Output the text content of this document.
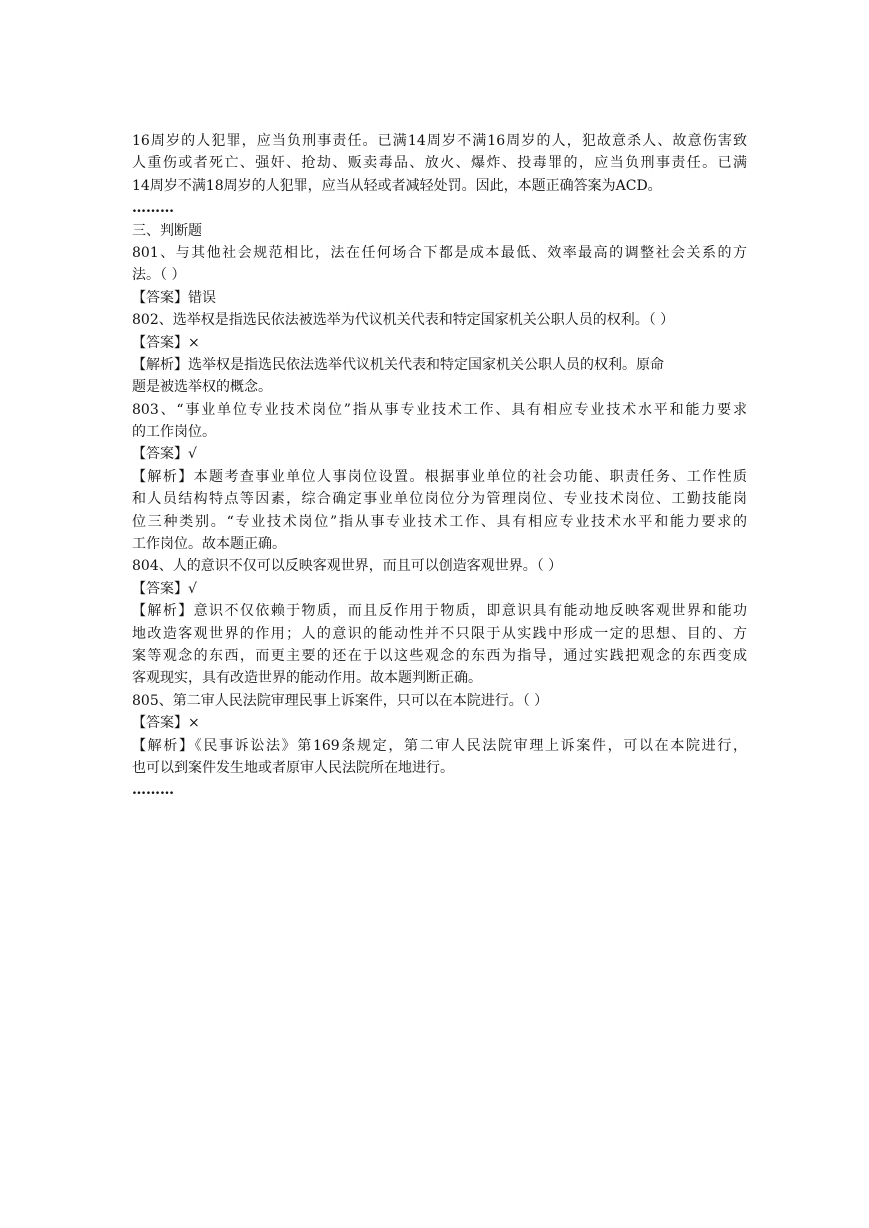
16周岁的人犯罪，应当负刑事责任。已满14周岁不满16周岁的人，犯故意杀人、故意伤害致

人重伤或者死亡、强奸、抢劫、贩卖毒品、放火、爆炸、投毒罪的，应当负刑事责任。已满

14周岁不满18周岁的人犯罪，应当从轻或者减轻处罚。因此，本题正确答案为ACD。

………

三、判断题

801、与其他社会规范相比，法在任何场合下都是成本最低、效率最高的调整社会关系的方

法。（ ）

【答案】错误

802、选举权是指选民依法被选举为代议机关代表和特定国家机关公职人员的权利。（ ）

【答案】×

【解析】选举权是指选民依法选举代议机关代表和特定国家机关公职人员的权利。原命

题是被选举权的概念。

803、“事业单位专业技术岗位”指从事专业技术工作、具有相应专业技术水平和能力要求

的工作岗位。

【答案】√

【解析】本题考查事业单位人事岗位设置。根据事业单位的社会功能、职责任务、工作性质

和人员结构特点等因素，综合确定事业单位岗位分为管理岗位、专业技术岗位、工勤技能岗

位三种类别。“专业技术岗位”指从事专业技术工作、具有相应专业技术水平和能力要求的

工作岗位。故本题正确。

804、人的意识不仅可以反映客观世界，而且可以创造客观世界。（ ）

【答案】√

【解析】意识不仅依赖于物质，而且反作用于物质，即意识具有能动地反映客观世界和能功

地改造客观世界的作用；人的意识的能动性并不只限于从实践中形成一定的思想、目的、方

案等观念的东西，而更主要的还在于以这些观念的东西为指导，通过实践把观念的东西变成

客观现实，具有改造世界的能动作用。故本题判断正确。

805、第二审人民法院审理民事上诉案件，只可以在本院进行。（ ）

【答案】×

【解析】《民事诉讼法》第169条规定，第二审人民法院审理上诉案件，可以在本院进行，

也可以到案件发生地或者原审人民法院所在地进行。

………
